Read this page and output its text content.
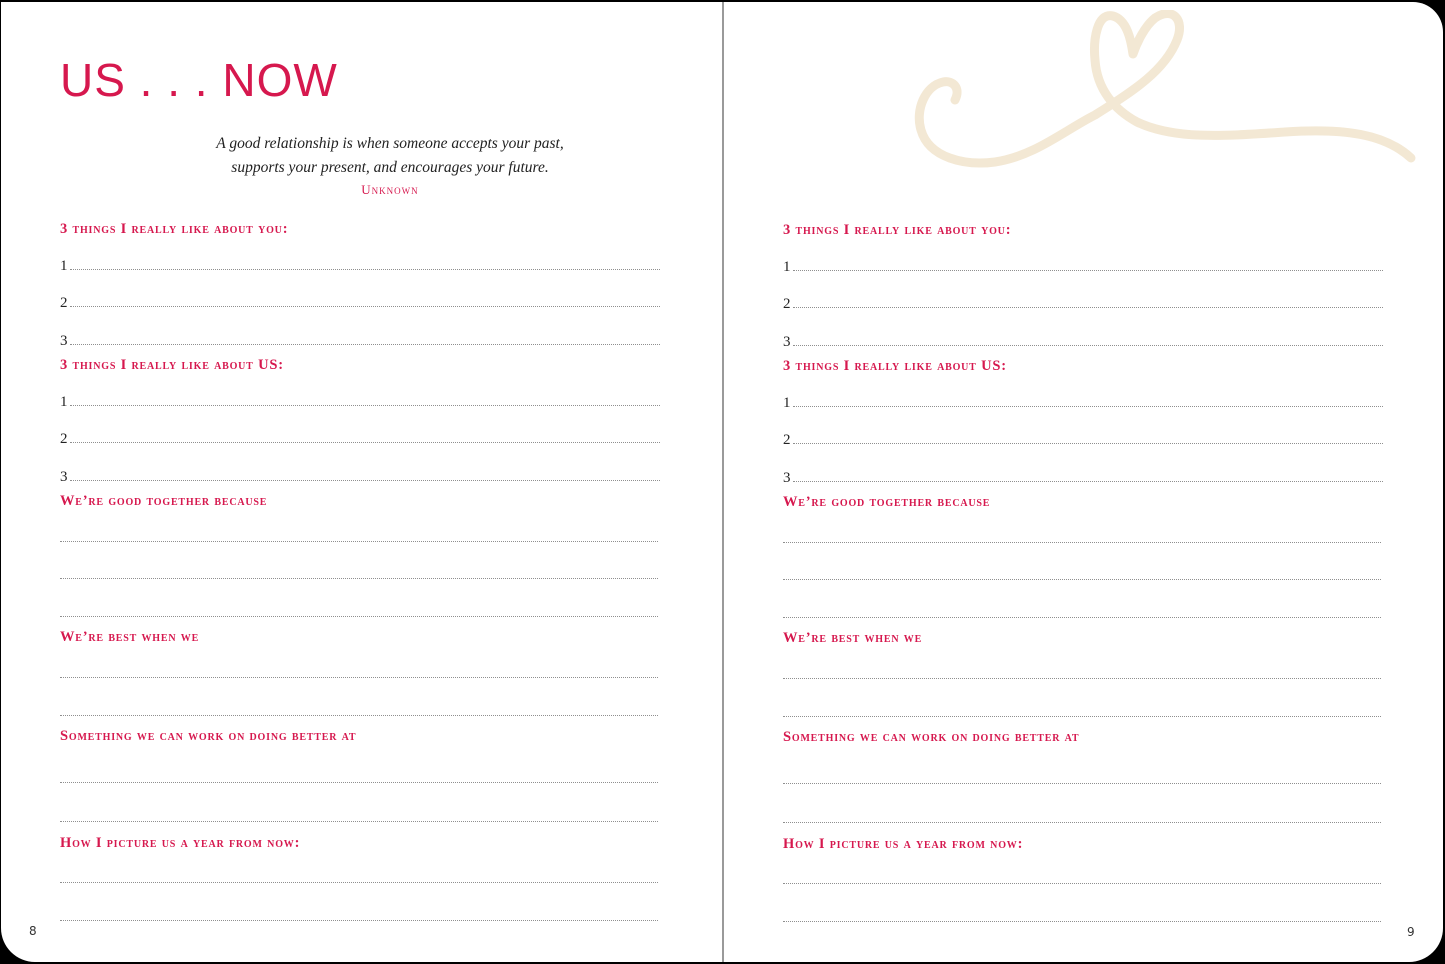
US . . . NOW
A good relationship is when someone accepts your past,
supports your present, and encourages your future.
Unknown
3 things I really like about you:
1
2
3
3 things I really like about US:
1
2
3
We’re good together because
We’re best when we
Something we can work on doing better at
How I picture us a year from now:
8
3 things I really like about you:
1
2
3
3 things I really like about US:
1
2
3
We’re good together because
We’re best when we
Something we can work on doing better at
How I picture us a year from now:
9
